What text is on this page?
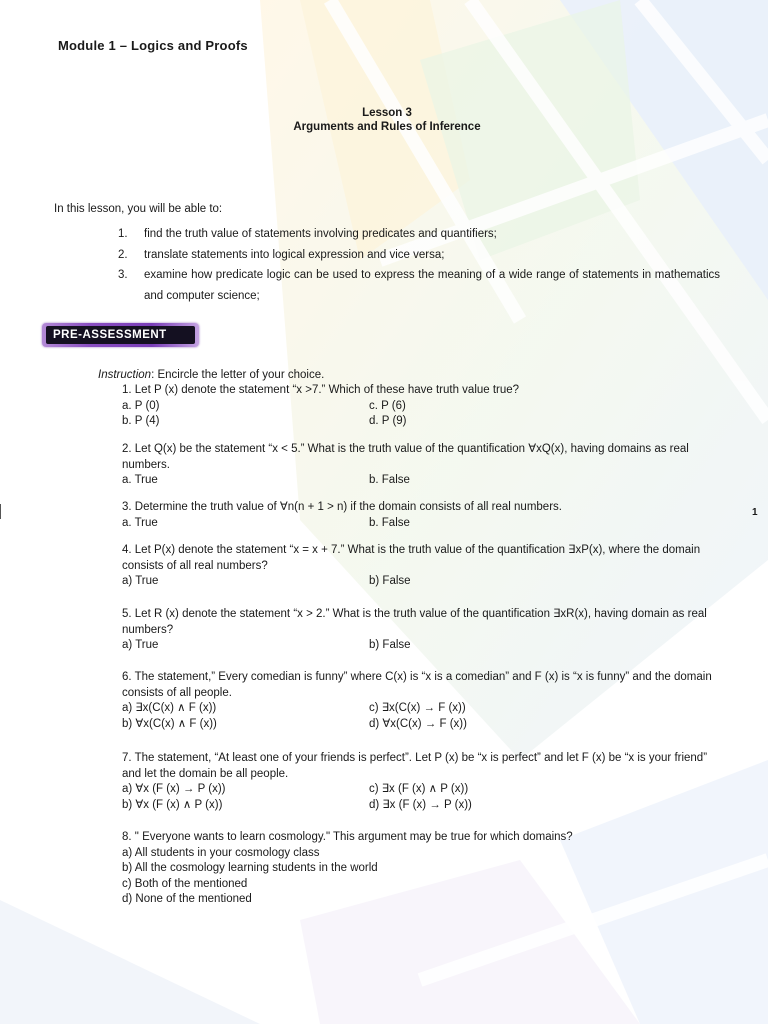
Module 1 – Logics and Proofs
Lesson 3
Arguments and Rules of Inference
In this lesson, you will be able to:
1.	find the truth value of statements involving predicates and quantifiers;
2.	translate statements into logical expression and vice versa;
3.	examine how predicate logic can be used to express the meaning of a wide range of statements in mathematics and computer science;
PRE-ASSESSMENT
Instruction: Encircle the letter of your choice.
1. Let P (x) denote the statement “x >7.” Which of these have truth value true?
a. P (0)	c. P (6)
b. P (4)	d. P (9)
2. Let Q(x) be the statement “x < 5.” What is the truth value of the quantification ∀xQ(x), having domains as real numbers.
a. True	b. False
3. Determine the truth value of ∀n(n + 1 > n) if the domain consists of all real numbers.
a. True	b. False
4. Let P(x) denote the statement “x = x + 7.” What is the truth value of the quantification ∃xP(x), where the domain consists of all real numbers?
a) True	b) False
5. Let R (x) denote the statement “x > 2.” What is the truth value of the quantification ∃xR(x), having domain as real numbers?
a) True	b) False
6. The statement,” Every comedian is funny” where C(x) is “x is a comedian” and F (x) is “x is funny” and the domain consists of all people.
a) ∃x(C(x) ∧ F (x))	c) ∃x(C(x) → F (x))
b) ∀x(C(x) ∧ F (x))	d) ∀x(C(x) → F (x))
7. The statement, “At least one of your friends is perfect”. Let P (x) be “x is perfect” and let F (x) be “x is your friend” and let the domain be all people.
a) ∀x (F (x) → P (x))	c) ∃x (F (x) ∧ P (x))
b) ∀x (F (x) ∧ P (x))	d) ∃x (F (x) → P (x))
8. " Everyone wants to learn cosmology." This argument may be true for which domains?
a) All students in your cosmology class
b) All the cosmology learning students in the world
c) Both of the mentioned
d) None of the mentioned
1
